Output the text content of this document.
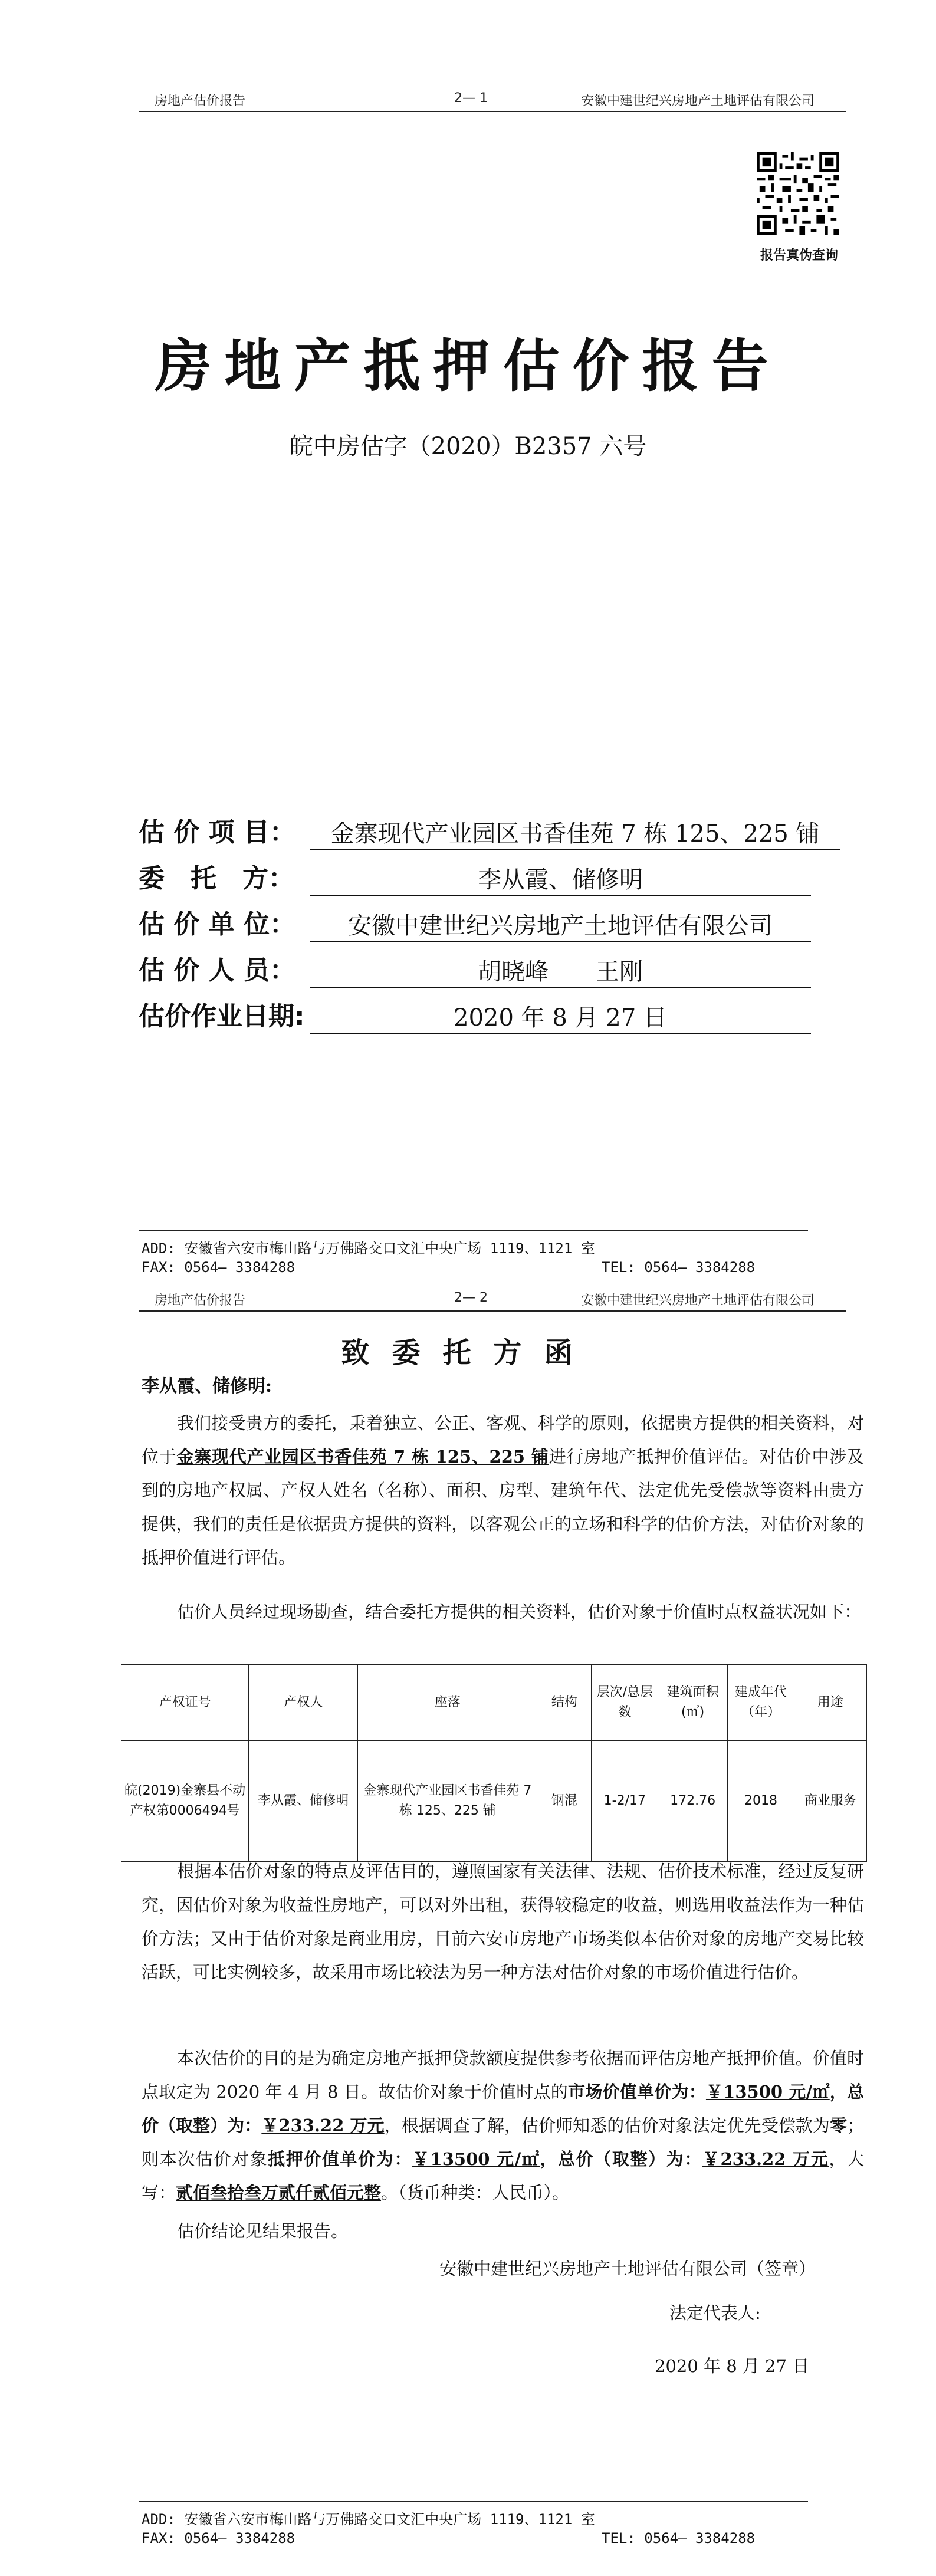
房地产估价报告	2— 1	安徽中建世纪兴房地产土地评估有限公司
报告真伪查询
房地产抵押估价报告
皖中房估字（2020）B2357 六号
估 价 项 目：	金寨现代产业园区书香佳苑 7 栋 125、225 铺
委　托　方：	李从霞、储修明
估 价 单 位：	安徽中建世纪兴房地产土地评估有限公司
估 价 人 员：	胡晓峰　　王刚
估价作业日期:	2020 年 8 月 27 日
ADD: 安徽省六安市梅山路与万佛路交口文汇中央广场 1119、1121 室
FAX: 0564— 3384288	TEL: 0564— 3384288
房地产估价报告	2— 2	安徽中建世纪兴房地产土地评估有限公司
致委托方函
李从霞、储修明:
我们接受贵方的委托，秉着独立、公正、客观、科学的原则，依据贵方提供的相关资料，对位于金寨现代产业园区书香佳苑 7 栋 125、225 铺进行房地产抵押价值评估。对估价中涉及到的房地产权属、产权人姓名（名称）、面积、房型、建筑年代、法定优先受偿款等资料由贵方提供，我们的责任是依据贵方提供的资料，以客观公正的立场和科学的估价方法，对估价对象的抵押价值进行评估。
估价人员经过现场勘查，结合委托方提供的相关资料，估价对象于价值时点权益状况如下：
产权证号	产权人	座落	结构	层次/总层数	建筑面积(㎡)	建成年代（年）	用途
皖(2019)金寨县不动产权第0006494号	李从霞、储修明	金寨现代产业园区书香佳苑 7 栋 125、225 铺	钢混	1-2/17	172.76	2018	商业服务
根据本估价对象的特点及评估目的，遵照国家有关法律、法规、估价技术标准，经过反复研究，因估价对象为收益性房地产，可以对外出租，获得较稳定的收益，则选用收益法作为一种估价方法；又由于估价对象是商业用房，目前六安市房地产市场类似本估价对象的房地产交易比较活跃，可比实例较多，故采用市场比较法为另一种方法对估价对象的市场价值进行估价。
本次估价的目的是为确定房地产抵押贷款额度提供参考依据而评估房地产抵押价值。价值时点取定为 2020 年 4 月 8 日。故估价对象于价值时点的市场价值单价为：￥13500 元/㎡，总价（取整）为：￥233.22 万元，根据调查了解，估价师知悉的估价对象法定优先受偿款为零；则本次估价对象抵押价值单价为：￥13500 元/㎡，总价（取整）为：￥233.22 万元，大写：贰佰叁拾叁万贰仟贰佰元整。（货币种类：人民币）。
估价结论见结果报告。
安徽中建世纪兴房地产土地评估有限公司（签章）
法定代表人:
2020 年 8 月 27 日
ADD: 安徽省六安市梅山路与万佛路交口文汇中央广场 1119、1121 室
FAX: 0564— 3384288	TEL: 0564— 3384288
